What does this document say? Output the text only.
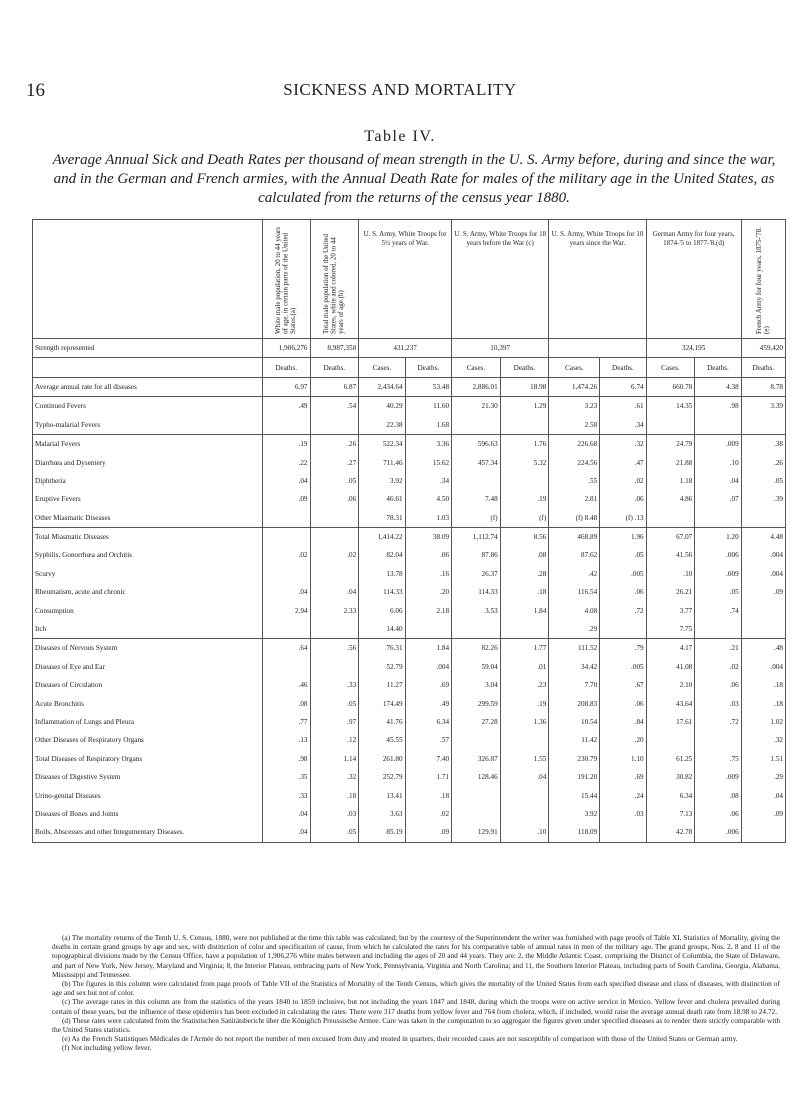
16	SICKNESS AND MORTALITY
Table IV.
Average Annual Sick and Death Rates per thousand of mean strength in the U. S. Army before, during and since the war, and in the German and French armies, with the Annual Death Rate for males of the military age in the United States, as calculated from the returns of the census year 1880.
	White male population, 20 to 44 years of age, in certain parts of the United States.(a)	Total male population of the United States, white and colored, 20 to 44 years of age.(b)	U. S. Army, White Troops for 5½ years of War.		U. S. Army, White Troops for 18 years before the War (c)		U. S. Army, White Troops for 10 years since the War.		German Army for four years, 1874-'5 to 1877-'8.(d)		French Army for four years, 1875-'78.(e)

Strength represented	1,906,276	8,987,358	431,237		10,397				324,195		459,420
	Deaths.	Deaths.	Cases.	Deaths.	Cases.	Deaths.	Cases.	Deaths.	Cases.	Deaths.	Deaths.
Average annual rate for all diseases	6.97	6.87	2,434.64	53.48	2,886.01	18.98	1,474.26	6.74	660.78	4.38	8.78
Continued Fevers	.49	.54	40.29	11.60	21.30	1.29	3.23	.61	14.35	.98	3.39
Typho-malarial Fevers			22.38	1.68			2.58	.34			
Malarial Fevers	.19	.26	522.34	3.36	596.63	1.76	226.68	.32	24.79	.009	.38
Diarrhœa and Dysentery	.22	.27	711.46	15.62	457.34	5.32	224.56	.47	21.88	.10	.26
Diphtheria	.04	.05	3.92	.34			.55	.02	1.18	.04	.05
Eruptive Fevers	.09	.06	46.61	4.50	7.48	.19	2.81	.06	4.86	.07	.39
Other Miasmatic Diseases			78.31	1.03	(f)	(f)	(f) 8.48	(f) .13			
Total Miasmatic Diseases			1,414.22	38.09	1,112.74	8.56	468.89	1.96	67.07	1.20	4.48
Syphilis, Gonorrhœa and Orchitis	.02	.02	82.04	.06	87.86	.08	87.62	.05	41.56	.006	.004
Scurvy			13.78	.16	26.37	.28	.42	.005	.10	.009	.004
Rheumatism, acute and chronic	.04	.04	114.33	.20	114.33	.18	116.54	.06	26.21	.05	.09
Consumption	2.94	2.33	6.06	2.18	3.53	1.84	4.08	.72	3.77	.74	
Itch			14.40				.29		7.75		
Diseases of Nervous System	.64	.56	76.31	1.84	82.26	1.77	111.52	.79	4.17	.21	.48
Diseases of Eye and Ear			52.79	.004	59.04	.01	34.42	.005	41.08	.02	.004
Diseases of Circulation	.46	.33	11.27	.69	3.04	.23	7.70	.67	2.10	.06	.18
Acute Bronchitis	.08	.05	174.49	.49	299.59	.19	208.83	.06	43.64	.03	.18
Inflammation of Lungs and Pleura	.77	.97	41.76	6.34	27.28	1.36	10.54	.84	17.61	.72	1.02
Other Diseases of Respiratory Organs	.13	.12	45.55	.57			11.42	.20			.32
Total Diseases of Respiratory Organs	.98	1.14	261.80	7.40	326.87	1.55	230.79	1.10	61.25	.75	1.51
Diseases of Digestive System	.35	.32	252.79	1.71	128.46	.04	191.20	.69	30.82	.009	.29
Urino-genital Diseases	.33	.18	13.41	.18			15.44	.24	6.34	.08	.04
Diseases of Bones and Joints	.04	.03	3.63	.02			3.92	.03	7.13	.06	.09
Boils, Abscesses and other Integumentary Diseases.	.04	.05	85.19	.09	129.91	.10	118.09		42.78	.006	

(a) The mortality returns of the Tenth U. S. Census, 1880, were not published at the time this table was calculated; but by the courtesy of the Superintendent the writer was furnished with page proofs of Table XI, Statistics of Mortality, giving the deaths in certain grand groups by age and sex, with distinction of color and specification of cause, from which he calculated the rates for his comparative table of annual rates in men of the military age. The grand groups, Nos. 2, 8 and 11 of the topographical divisions made by the Census Office, have a population of 1,906,276 white males between and including the ages of 20 and 44 years. They are: 2, the Middle Atlantic Coast, comprising the District of Columbia, the State of Delaware, and part of New York, New Jersey, Maryland and Virginia; 8, the Interior Plateau, embracing parts of New York, Pennsylvania, Virginia and North Carolina; and 11, the Southern Interior Plateau, including parts of South Carolina, Georgia, Alabama, Mississippi and Tennessee.

(b) The figures in this column were calculated from page proofs of Table VII of the Statistics of Mortality of the Tenth Census, which gives the mortality of the United States from each specified disease and class of diseases, with distinction of age and sex but not of color.

(c) The average rates in this column are from the statistics of the years 1840 to 1859 inclusive, but not including the years 1847 and 1848, during which the troops were on active service in Mexico. Yellow fever and cholera prevailed during certain of these years, but the influence of these epidemics has been excluded in calculating the rates. There were 317 deaths from yellow fever and 764 from cholera, which, if included, would raise the average annual death rate from 18.98 to 24.72.

(d) These rates were calculated from the Statistischen Sanitätsbericht über die Königlich Preussische Armee. Care was taken in the computation to so aggregate the figures given under specified diseases as to render them strictly comparable with the United States statistics.

(e) As the French Statistiques Médicales de l'Armée do not report the number of men excused from duty and treated in quarters, their recorded cases are not susceptible of comparison with those of the United States or German army.

(f) Not including yellow fever.
